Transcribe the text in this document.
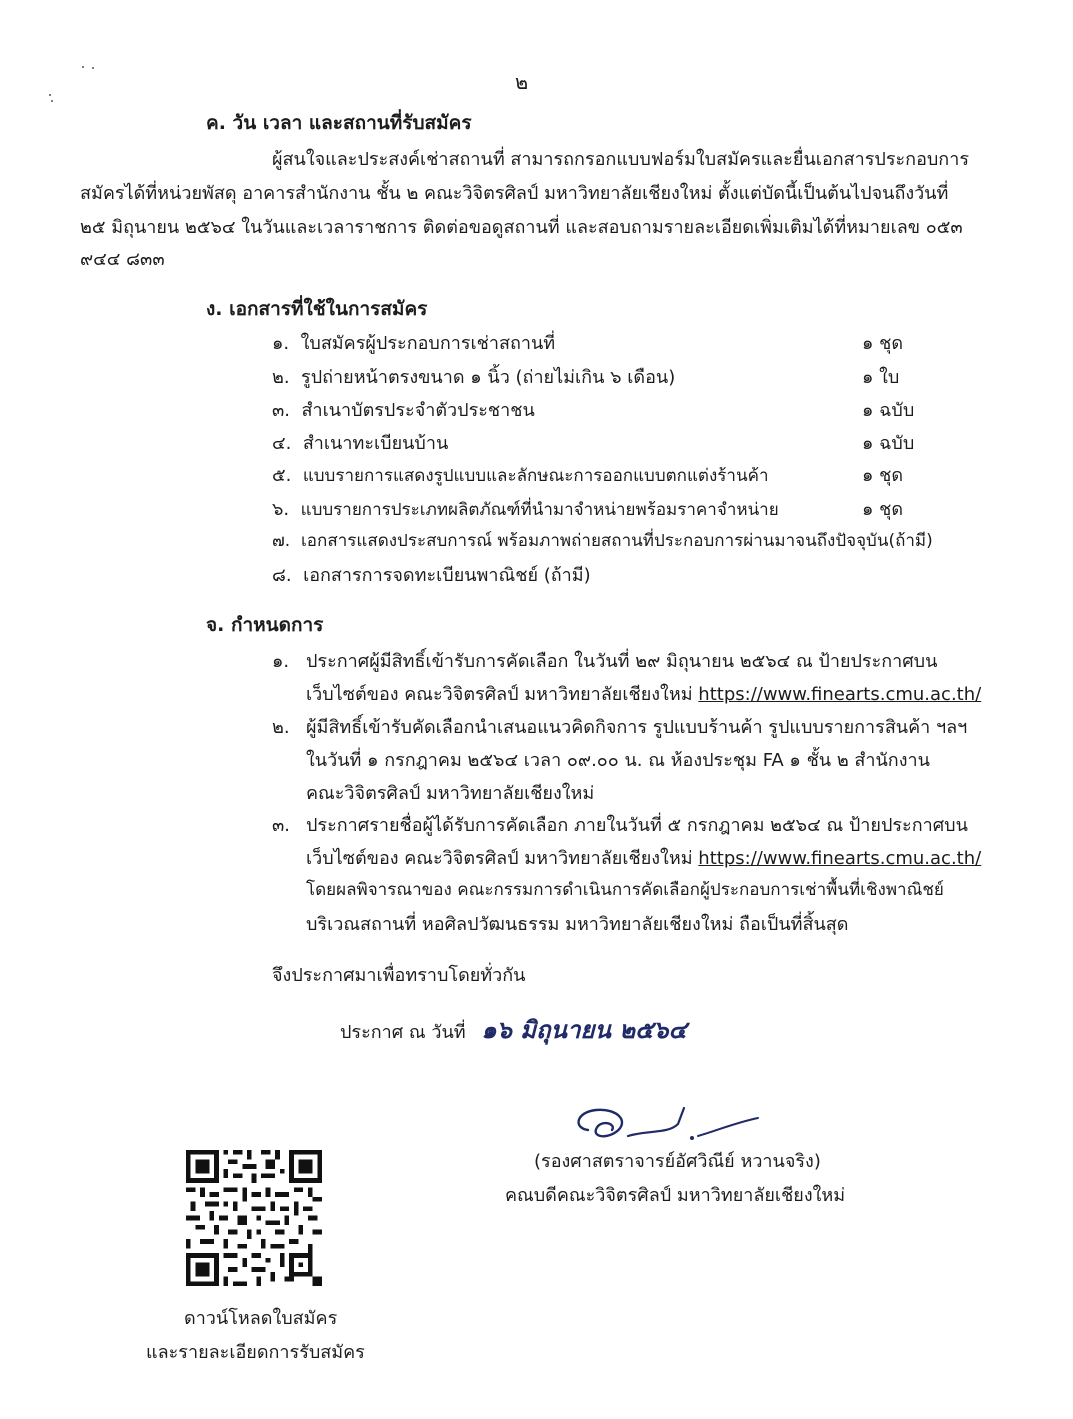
๒
ค. วัน เวลา และสถานที่รับสมัคร
ผู้สนใจและประสงค์เช่าสถานที่ สามารถกรอกแบบฟอร์มใบสมัครและยื่นเอกสารประกอบการ
สมัครได้ที่หน่วยพัสดุ อาคารสำนักงาน ชั้น ๒ คณะวิจิตรศิลป์ มหาวิทยาลัยเชียงใหม่ ตั้งแต่บัดนี้เป็นต้นไปจนถึงวันที่
๒๕ มิถุนายน ๒๕๖๔ ในวันและเวลาราชการ ติดต่อขอดูสถานที่ และสอบถามรายละเอียดเพิ่มเติมได้ที่หมายเลข ๐๕๓
๙๔๔ ๘๓๓
ง. เอกสารที่ใช้ในการสมัคร
๑. ใบสมัครผู้ประกอบการเช่าสถานที่	๑ ชุด
๒. รูปถ่ายหน้าตรงขนาด ๑ นิ้ว (ถ่ายไม่เกิน ๖ เดือน)	๑ ใบ
๓. สำเนาบัตรประจำตัวประชาชน	๑ ฉบับ
๔. สำเนาทะเบียนบ้าน	๑ ฉบับ
๕. แบบรายการแสดงรูปแบบและลักษณะการออกแบบตกแต่งร้านค้า	๑ ชุด
๖. แบบรายการประเภทผลิตภัณฑ์ที่นำมาจำหน่ายพร้อมราคาจำหน่าย	๑ ชุด
๗. เอกสารแสดงประสบการณ์ พร้อมภาพถ่ายสถานที่ประกอบการผ่านมาจนถึงปัจจุบัน(ถ้ามี)
๘. เอกสารการจดทะเบียนพาณิชย์ (ถ้ามี)
จ. กำหนดการ
๑. ประกาศผู้มีสิทธิ์เข้ารับการคัดเลือก ในวันที่ ๒๙ มิถุนายน ๒๕๖๔ ณ ป้ายประกาศบน
เว็บไซต์ของ คณะวิจิตรศิลป์ มหาวิทยาลัยเชียงใหม่ https://www.finearts.cmu.ac.th/
๒. ผู้มีสิทธิ์เข้ารับคัดเลือกนำเสนอแนวคิดกิจการ รูปแบบร้านค้า รูปแบบรายการสินค้า ฯลฯ
ในวันที่ ๑ กรกฎาคม ๒๕๖๔ เวลา ๐๙.๐๐ น. ณ ห้องประชุม FA ๑ ชั้น ๒ สำนักงาน
คณะวิจิตรศิลป์ มหาวิทยาลัยเชียงใหม่
๓. ประกาศรายชื่อผู้ได้รับการคัดเลือก ภายในวันที่ ๕ กรกฎาคม ๒๕๖๔ ณ ป้ายประกาศบน
เว็บไซต์ของ คณะวิจิตรศิลป์ มหาวิทยาลัยเชียงใหม่ https://www.finearts.cmu.ac.th/
โดยผลพิจารณาของ คณะกรรมการดำเนินการคัดเลือกผู้ประกอบการเช่าพื้นที่เชิงพาณิชย์
บริเวณสถานที่ หอศิลปวัฒนธรรม มหาวิทยาลัยเชียงใหม่ ถือเป็นที่สิ้นสุด
จึงประกาศมาเพื่อทราบโดยทั่วกัน
ประกาศ ณ วันที่ ๑๖ มิถุนายน ๒๕๖๔
(รองศาสตราจารย์อัศวิณีย์ หวานจริง)
คณบดีคณะวิจิตรศิลป์ มหาวิทยาลัยเชียงใหม่
ดาวน์โหลดใบสมัคร
และรายละเอียดการรับสมัคร
